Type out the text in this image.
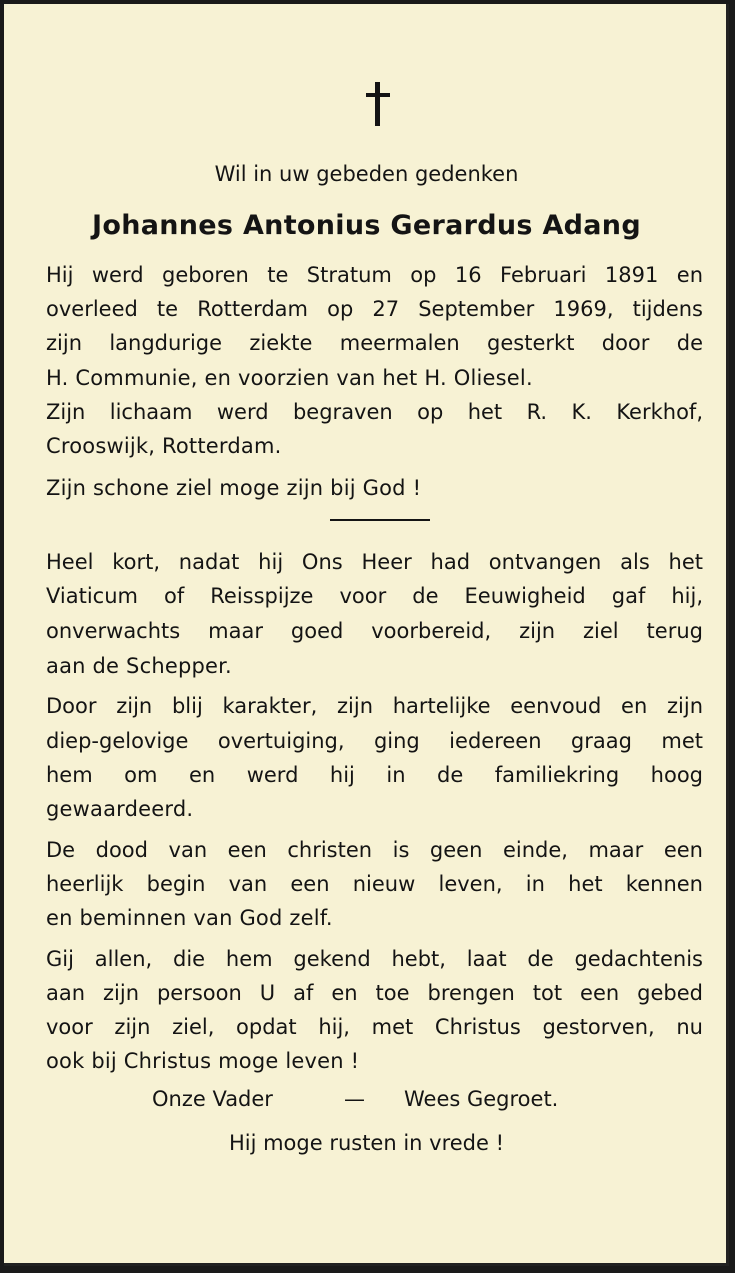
Wil in uw gebeden gedenken
Johannes Antonius Gerardus Adang
Hij werd geboren te Stratum op 16 Februari 1891 en
overleed te Rotterdam op 27 September 1969, tijdens
zijn langdurige ziekte meermalen gesterkt door de
H. Communie, en voorzien van het H. Oliesel.
Zijn lichaam werd begraven op het R. K. Kerkhof,
Crooswijk, Rotterdam.
Zijn schone ziel moge zijn bij God !
Heel kort, nadat hij Ons Heer had ontvangen als het
Viaticum of Reisspijze voor de Eeuwigheid gaf hij,
onverwachts maar goed voorbereid, zijn ziel terug
aan de Schepper.
Door zijn blij karakter, zijn hartelijke eenvoud en zijn
diep-gelovige overtuiging, ging iedereen graag met
hem om en werd hij in de familiekring hoog
gewaardeerd.
De dood van een christen is geen einde, maar een
heerlijk begin van een nieuw leven, in het kennen
en beminnen van God zelf.
Gij allen, die hem gekend hebt, laat de gedachtenis
aan zijn persoon U af en toe brengen tot een gebed
voor zijn ziel, opdat hij, met Christus gestorven, nu
ook bij Christus moge leven !
Onze Vader	— Wees Gegroet.
Hij moge rusten in vrede !
